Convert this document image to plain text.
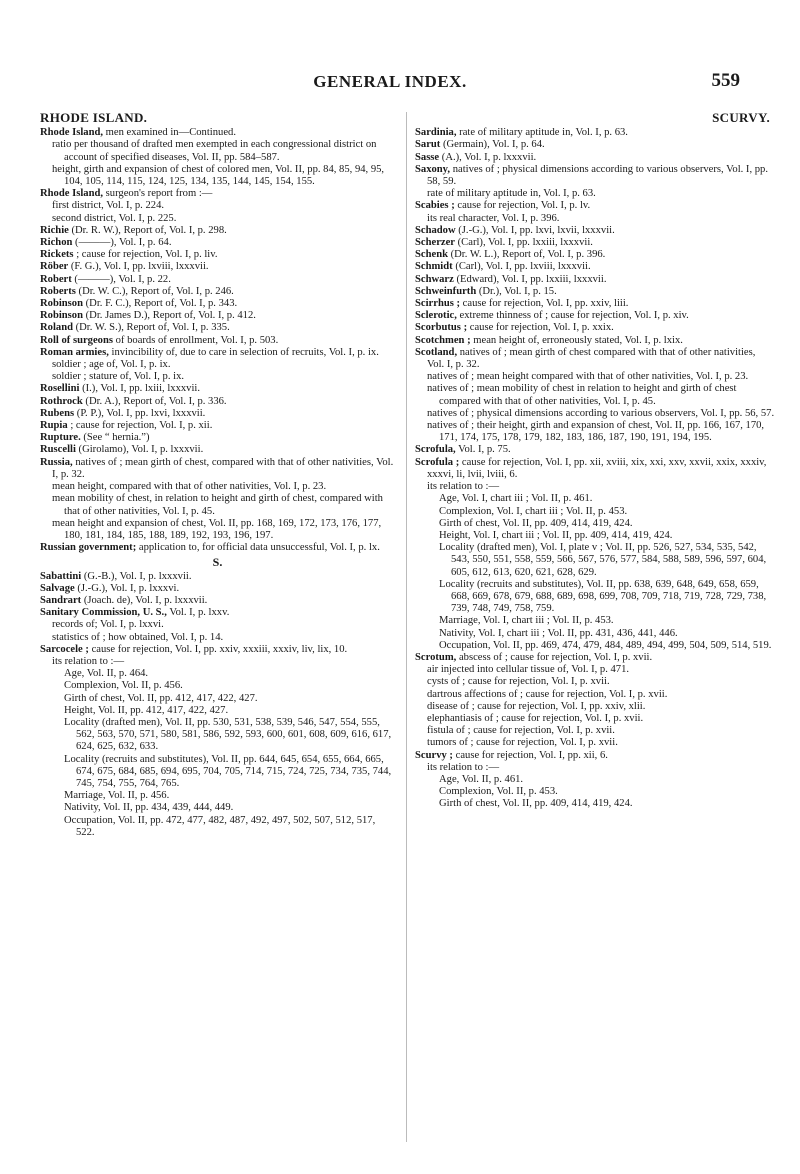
GENERAL INDEX.	559
RHODE ISLAND.

Rhode Island, men examined in—Continued.

ratio per thousand of drafted men exempted in each congressional district on account of specified diseases, Vol. II, pp. 584–587.

height, girth and expansion of chest of colored men, Vol. II, pp. 84, 85, 94, 95, 104, 105, 114, 115, 124, 125, 134, 135, 144, 145, 154, 155.

Rhode Island, surgeon's report from :—

first district, Vol. I, p. 224.

second district, Vol. I, p. 225.

Richie (Dr. R. W.), Report of, Vol. I, p. 298.

Richon (———), Vol. I, p. 64.

Rickets ; cause for rejection, Vol. I, p. liv.

Röber (F. G.), Vol. I, pp. lxviii, lxxxvii.

Robert (———), Vol. I, p. 22.

Roberts (Dr. W. C.), Report of, Vol. I, p. 246.

Robinson (Dr. F. C.), Report of, Vol. I, p. 343.

Robinson (Dr. James D.), Report of, Vol. I, p. 412.

Roland (Dr. W. S.), Report of, Vol. I, p. 335.

Roll of surgeons of boards of enrollment, Vol. I, p. 503.

Roman armies, invincibility of, due to care in selection of recruits, Vol. I, p. ix.

soldier ; age of, Vol. I, p. ix.

soldier ; stature of, Vol. I, p. ix.

Rosellini (I.), Vol. I, pp. lxiii, lxxxvii.

Rothrock (Dr. A.), Report of, Vol. I, p. 336.

Rubens (P. P.), Vol. I, pp. lxvi, lxxxvii.

Rupia ; cause for rejection, Vol. I, p. xii.

Rupture. (See “ hernia.”)

Ruscelli (Girolamo), Vol. I, p. lxxxvii.

Russia, natives of ; mean girth of chest, compared with that of other nativities, Vol. I, p. 32.

mean height, compared with that of other nativities, Vol. I, p. 23.

mean mobility of chest, in relation to height and girth of chest, compared with that of other nativities, Vol. I, p. 45.

mean height and expansion of chest, Vol. II, pp. 168, 169, 172, 173, 176, 177, 180, 181, 184, 185, 188, 189, 192, 193, 196, 197.

Russian government; application to, for official data unsuccessful, Vol. I, p. lx.

S.

Sabattini (G.-B.), Vol. I, p. lxxxvii.

Salvage (J.-G.), Vol. I, p. lxxxvi.

Sandrart (Joach. de), Vol. I, p. lxxxvii.

Sanitary Commission, U. S., Vol. I, p. lxxv.

records of; Vol. I, p. lxxvi.

statistics of ; how obtained, Vol. I, p. 14.

Sarcocele ; cause for rejection, Vol. I, pp. xxiv, xxxiii, xxxiv, liv, lix, 10.

its relation to :—

Age, Vol. II, p. 464.

Complexion, Vol. II, p. 456.

Girth of chest, Vol. II, pp. 412, 417, 422, 427.

Height, Vol. II, pp. 412, 417, 422, 427.

Locality (drafted men), Vol. II, pp. 530, 531, 538, 539, 546, 547, 554, 555, 562, 563, 570, 571, 580, 581, 586, 592, 593, 600, 601, 608, 609, 616, 617, 624, 625, 632, 633.

Locality (recruits and substitutes), Vol. II, pp. 644, 645, 654, 655, 664, 665, 674, 675, 684, 685, 694, 695, 704, 705, 714, 715, 724, 725, 734, 735, 744, 745, 754, 755, 764, 765.

Marriage, Vol. II, p. 456.

Nativity, Vol. II, pp. 434, 439, 444, 449.

Occupation, Vol. II, pp. 472, 477, 482, 487, 492, 497, 502, 507, 512, 517, 522.

SCURVY.

Sardinia, rate of military aptitude in, Vol. I, p. 63.

Sarut (Germain), Vol. I, p. 64.

Sasse (A.), Vol. I, p. lxxxvii.

Saxony, natives of ; physical dimensions according to various observers, Vol. I, pp. 58, 59.

rate of military aptitude in, Vol. I, p. 63.

Scabies ; cause for rejection, Vol. I, p. lv.

its real character, Vol. I, p. 396.

Schadow (J.-G.), Vol. I, pp. lxvi, lxvii, lxxxvii.

Scherzer (Carl), Vol. I, pp. lxxiii, lxxxvii.

Schenk (Dr. W. L.), Report of, Vol. I, p. 396.

Schmidt (Carl), Vol. I, pp. lxviii, lxxxvii.

Schwarz (Edward), Vol. I, pp. lxxiii, lxxxvii.

Schweinfurth (Dr.), Vol. I, p. 15.

Scirrhus ; cause for rejection, Vol. I, pp. xxiv, liii.

Sclerotic, extreme thinness of ; cause for rejection, Vol. I, p. xiv.

Scorbutus ; cause for rejection, Vol. I, p. xxix.

Scotchmen ; mean height of, erroneously stated, Vol. I, p. lxix.

Scotland, natives of ; mean girth of chest compared with that of other nativities, Vol. I, p. 32.

natives of ; mean height compared with that of other nativities, Vol. I, p. 23.

natives of ; mean mobility of chest in relation to height and girth of chest compared with that of other nativities, Vol. I, p. 45.

natives of ; physical dimensions according to various observers, Vol. I, pp. 56, 57.

natives of ; their height, girth and expansion of chest, Vol. II, pp. 166, 167, 170, 171, 174, 175, 178, 179, 182, 183, 186, 187, 190, 191, 194, 195.

Scrofula, Vol. I, p. 75.

Scrofula ; cause for rejection, Vol. I, pp. xii, xviii, xix, xxi, xxv, xxvii, xxix, xxxiv, xxxvi, li, lvii, lviii, 6.

its relation to :—

Age, Vol. I, chart iii ; Vol. II, p. 461.

Complexion, Vol. I, chart iii ; Vol. II, p. 453.

Girth of chest, Vol. II, pp. 409, 414, 419, 424.

Height, Vol. I, chart iii ; Vol. II, pp. 409, 414, 419, 424.

Locality (drafted men), Vol. I, plate v ; Vol. II, pp. 526, 527, 534, 535, 542, 543, 550, 551, 558, 559, 566, 567, 576, 577, 584, 588, 589, 596, 597, 604, 605, 612, 613, 620, 621, 628, 629.

Locality (recruits and substitutes), Vol. II, pp. 638, 639, 648, 649, 658, 659, 668, 669, 678, 679, 688, 689, 698, 699, 708, 709, 718, 719, 728, 729, 738, 739, 748, 749, 758, 759.

Marriage, Vol. I, chart iii ; Vol. II, p. 453.

Nativity, Vol. I, chart iii ; Vol. II, pp. 431, 436, 441, 446.

Occupation, Vol. II, pp. 469, 474, 479, 484, 489, 494, 499, 504, 509, 514, 519.

Scrotum, abscess of ; cause for rejection, Vol. I, p. xvii.

air injected into cellular tissue of, Vol. I, p. 471.

cysts of ; cause for rejection, Vol. I, p. xvii.

dartrous affections of ; cause for rejection, Vol. I, p. xvii.

disease of ; cause for rejection, Vol. I, pp. xxiv, xlii.

elephantiasis of ; cause for rejection, Vol. I, p. xvii.

fistula of ; cause for rejection, Vol. I, p. xvii.

tumors of ; cause for rejection, Vol. I, p. xvii.

Scurvy ; cause for rejection, Vol. I, pp. xii, 6.

its relation to :—

Age, Vol. II, p. 461.

Complexion, Vol. II, p. 453.

Girth of chest, Vol. II, pp. 409, 414, 419, 424.
